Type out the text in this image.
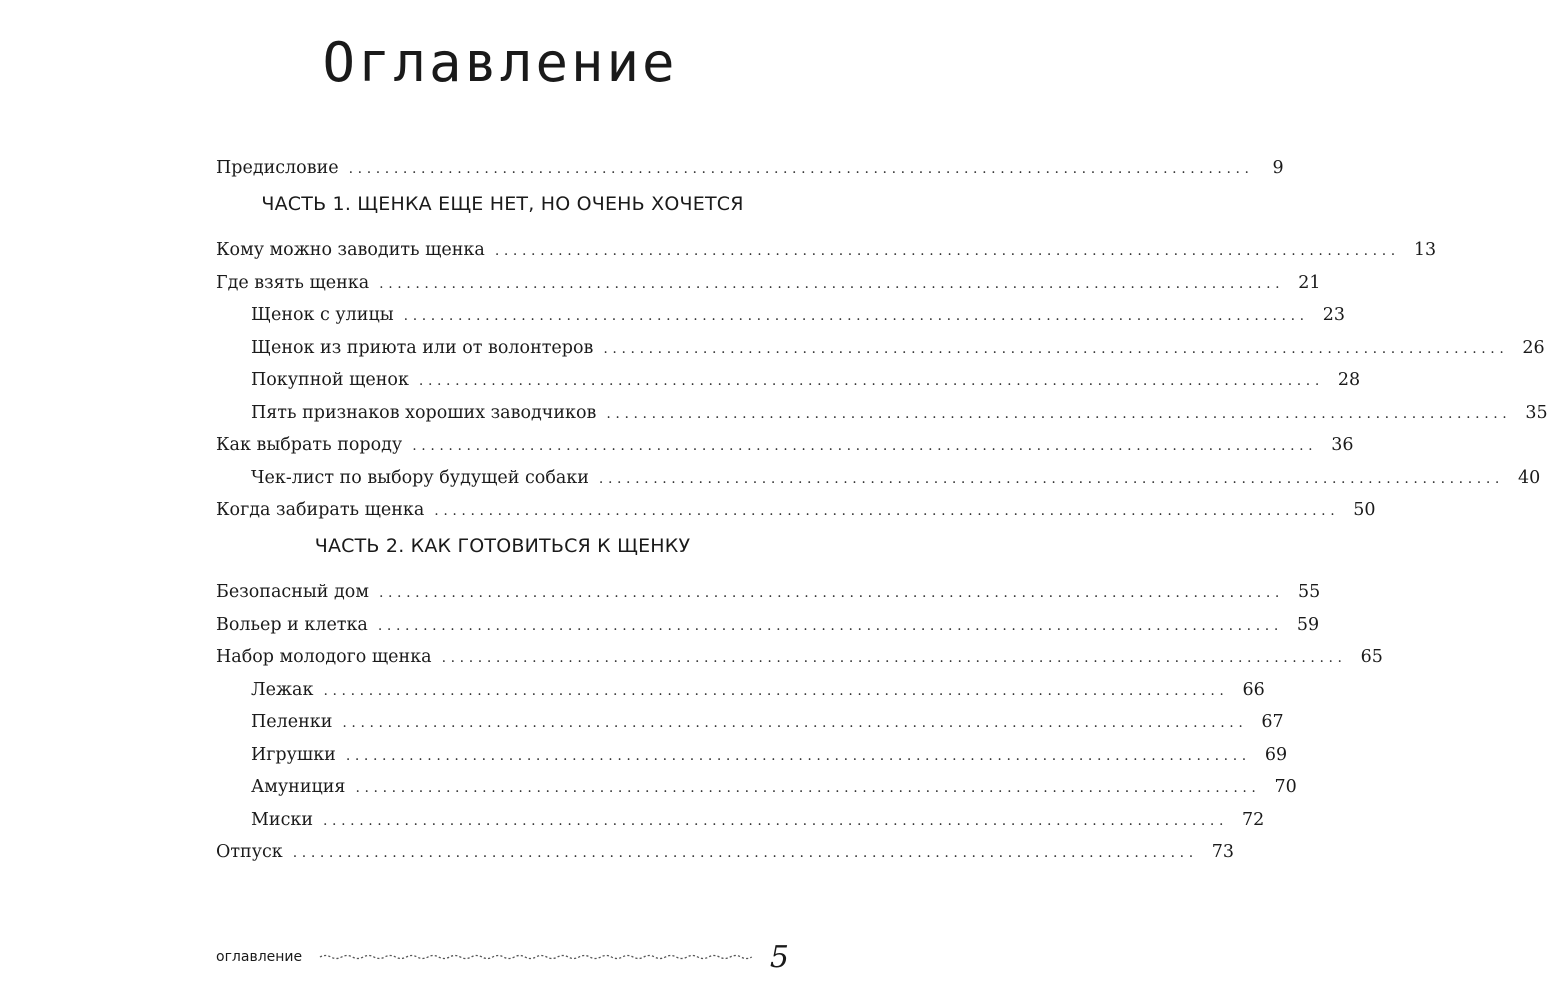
Оглавление
Предисловие ....................................................................................................	9
ЧАСТЬ 1. ЩЕНКА ЕЩЕ НЕТ, НО ОЧЕНЬ ХОЧЕТСЯ
Кому можно заводить щенка .................................................................................................... 13
Где взять щенка .................................................................................................... 21
Щенок с улицы .................................................................................................... 23
Щенок из приюта или от волонтеров .................................................................................................... 26
Покупной щенок .................................................................................................... 28
Пять признаков хороших заводчиков .................................................................................................... 35
Как выбрать породу .................................................................................................... 36
Чек-лист по выбору будущей собаки .................................................................................................... 40
Когда забирать щенка .................................................................................................... 50
ЧАСТЬ 2. КАК ГОТОВИТЬСЯ К ЩЕНКУ
Безопасный дом .................................................................................................... 55
Вольер и клетка .................................................................................................... 59
Набор молодого щенка .................................................................................................... 65
Лежак .................................................................................................... 66
Пеленки .................................................................................................... 67
Игрушки .................................................................................................... 69
Амуниция .................................................................................................... 70
Миски .................................................................................................... 72
Отпуск .................................................................................................... 73
оглавление	5
